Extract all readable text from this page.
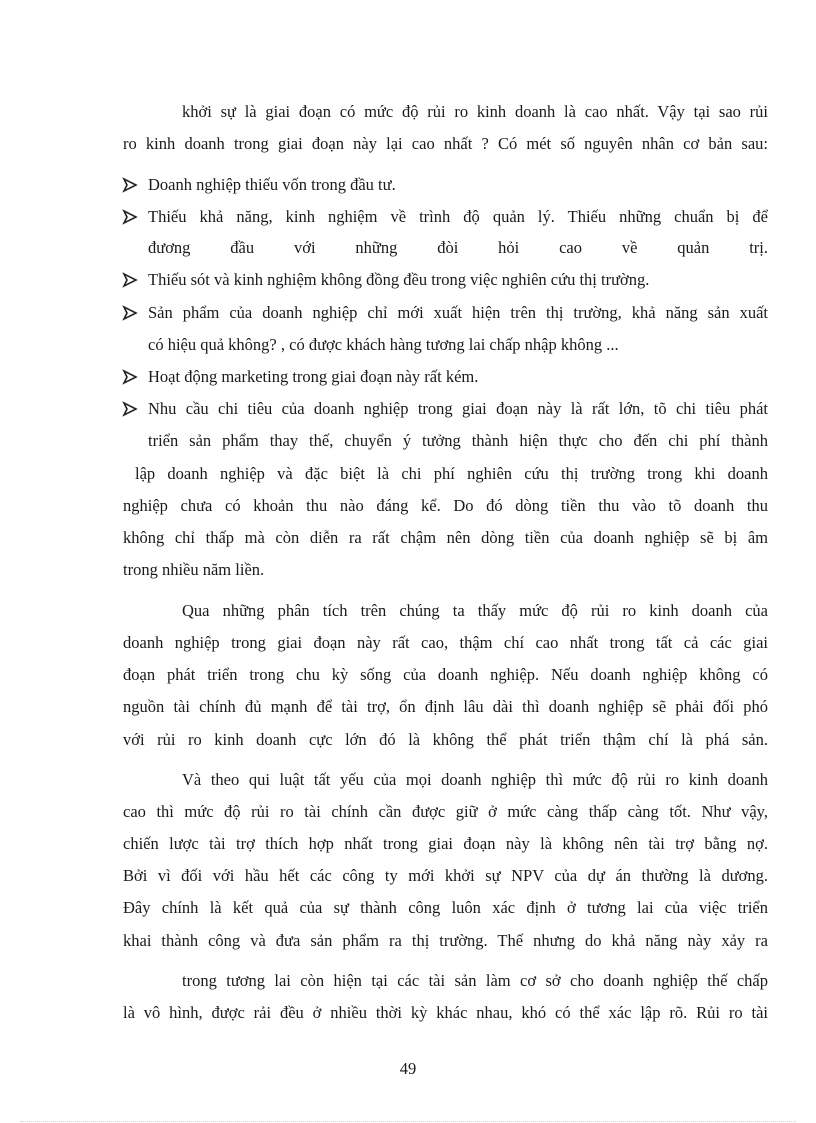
khởi sự là giai đoạn có mức độ rủi ro kinh doanh là cao nhất. Vậy tại sao rủi
ro kinh doanh trong giai đoạn này lại cao nhất ? Có mét số nguyên nhân cơ bản sau:
Doanh nghiệp thiếu vốn trong đầu tư.
Thiếu khả năng, kinh nghiệm về trình độ quản lý. Thiếu những chuẩn bị để
đương đầu với những đòi hỏi cao về quản trị.
Thiếu sót và kinh nghiệm không đồng đều trong việc nghiên cứu thị trường.
Sản phẩm của doanh nghiệp chỉ mới xuất hiện trên thị trường, khả năng sản xuất
có hiệu quả không? , có được khách hàng tương lai chấp nhập không ...
Hoạt động marketing trong giai đoạn này rất kém.
Nhu cầu chi tiêu của doanh nghiệp trong giai đoạn này là rất lớn, tõ chi tiêu phát
triển sản phẩm thay thế, chuyển ý tưởng thành hiện thực cho đến chi phí thành
lập doanh nghiệp và đặc biệt là chi phí nghiên cứu thị trường trong khi doanh
nghiệp chưa có khoản thu nào đáng kể. Do đó dòng tiền thu vào tõ doanh thu
không chỉ thấp mà còn diễn ra rất chậm nên dòng tiền của doanh nghiệp sẽ bị âm
trong nhiều năm liền.
Qua những phân tích trên chúng ta thấy mức độ rủi ro kinh doanh của
doanh nghiệp trong giai đoạn này rất cao, thậm chí cao nhất trong tất cả các giai
đoạn phát triển trong chu kỳ sống của doanh nghiệp. Nếu doanh nghiệp không có
nguồn tài chính đủ mạnh để tài trợ, ổn định lâu dài thì doanh nghiệp sẽ phải đối phó
với rủi ro kinh doanh cực lớn đó là không thể phát triển thậm chí là phá sản.
Và theo qui luật tất yếu của mọi doanh nghiệp thì mức độ rủi ro kinh doanh
cao thì mức độ rủi ro tài chính cần được giữ ở mức càng thấp càng tốt. Như vậy,
chiến lược tài trợ thích hợp nhất trong giai đoạn này là không nên tài trợ bằng nợ.
Bởi vì đối với hầu hết các công ty mới khởi sự NPV của dự án thường là dương.
Đây chính là kết quả của sự thành công luôn xác định ở tương lai của việc triển
khai thành công và đưa sản phẩm ra thị trường. Thế nhưng do khả năng này xảy ra
trong tương lai còn hiện tại các tài sản làm cơ sở cho doanh nghiệp thế chấp
là vô hình, được rải đều ở nhiều thời kỳ khác nhau, khó có thể xác lập rõ. Rủi ro tài
49
